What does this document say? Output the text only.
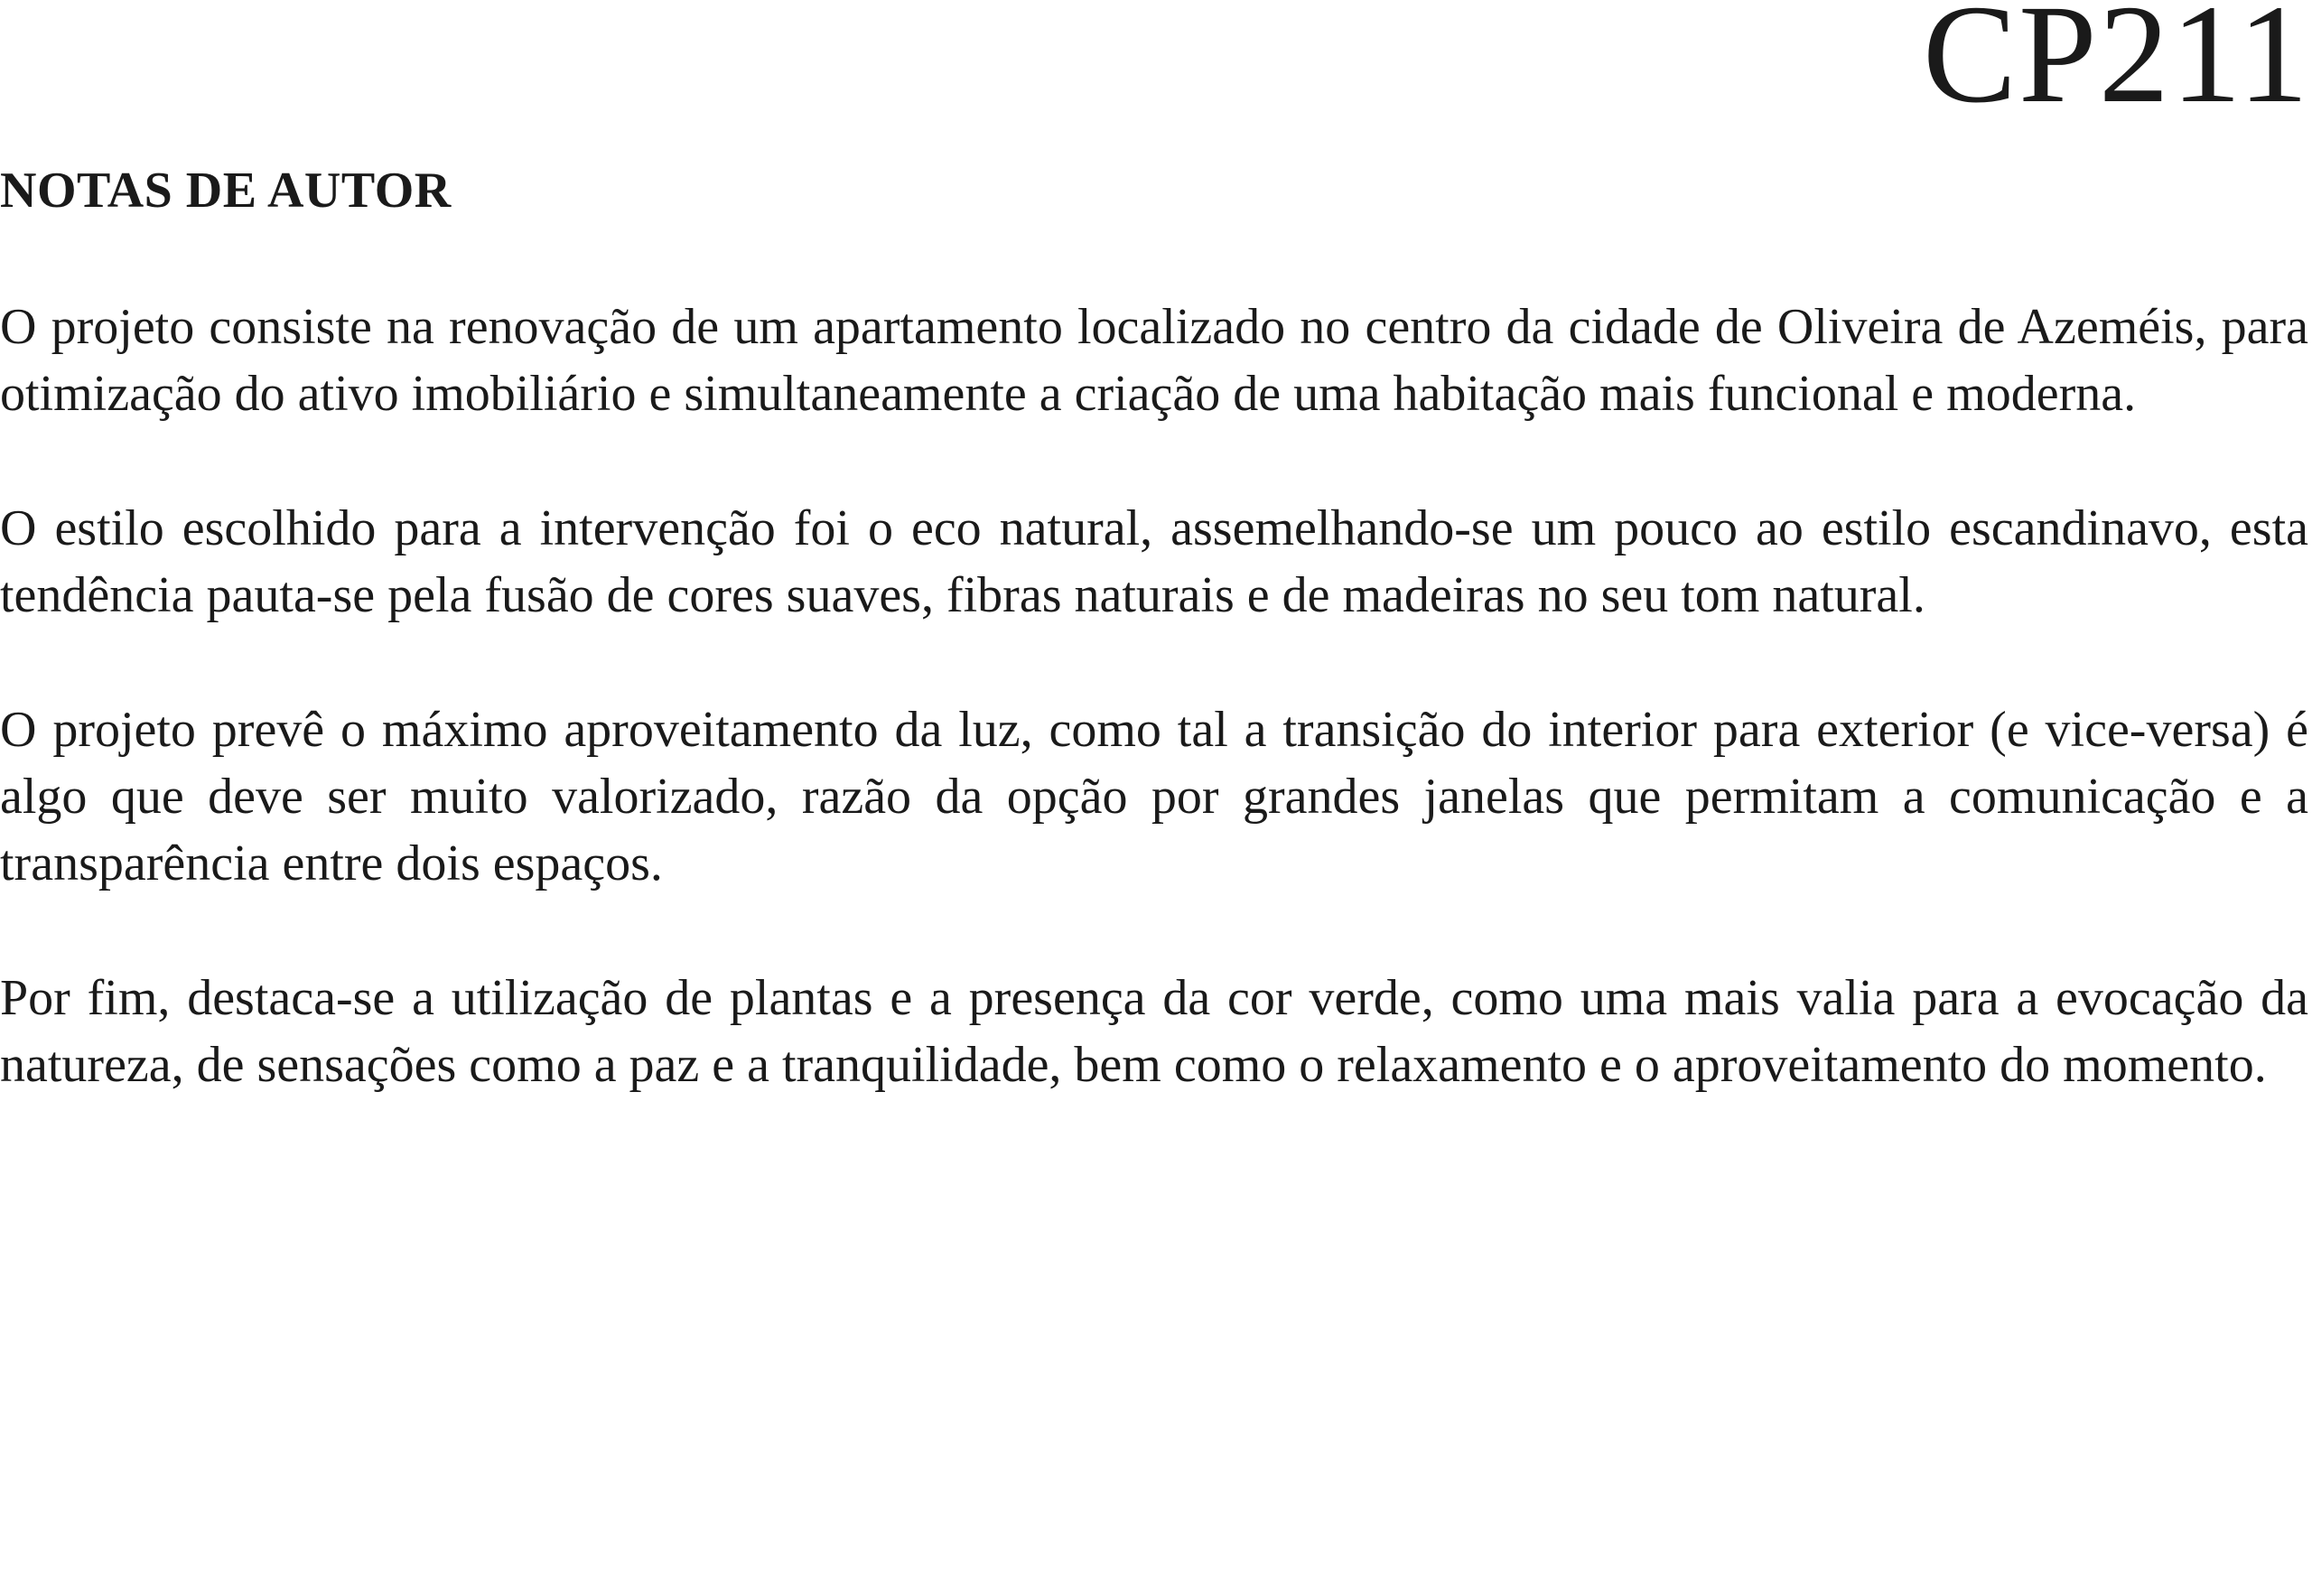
CP211
NOTAS DE AUTOR

O projeto consiste na renovação de um apartamento localizado no centro da cidade de Oliveira de Azeméis, para otimização do ativo imobiliário e simultaneamente a criação de uma habitação mais funcional e moderna.

O estilo escolhido para a intervenção foi o eco natural, assemelhando-se um pouco ao estilo escandinavo, esta tendência pauta-se pela fusão de cores suaves, fibras naturais e de madeiras no seu tom natural.

O projeto prevê o máximo aproveitamento da luz, como tal a transição do interior para exterior (e vice-versa) é algo que deve ser muito valorizado, razão da opção por grandes janelas que permitam a comunicação e a transparência entre dois espaços.

Por fim, destaca-se a utilização de plantas e a presença da cor verde, como uma mais valia para a evocação da natureza, de sensações como a paz e a tranquilidade, bem como o relaxamento e o aproveitamento do momento.
